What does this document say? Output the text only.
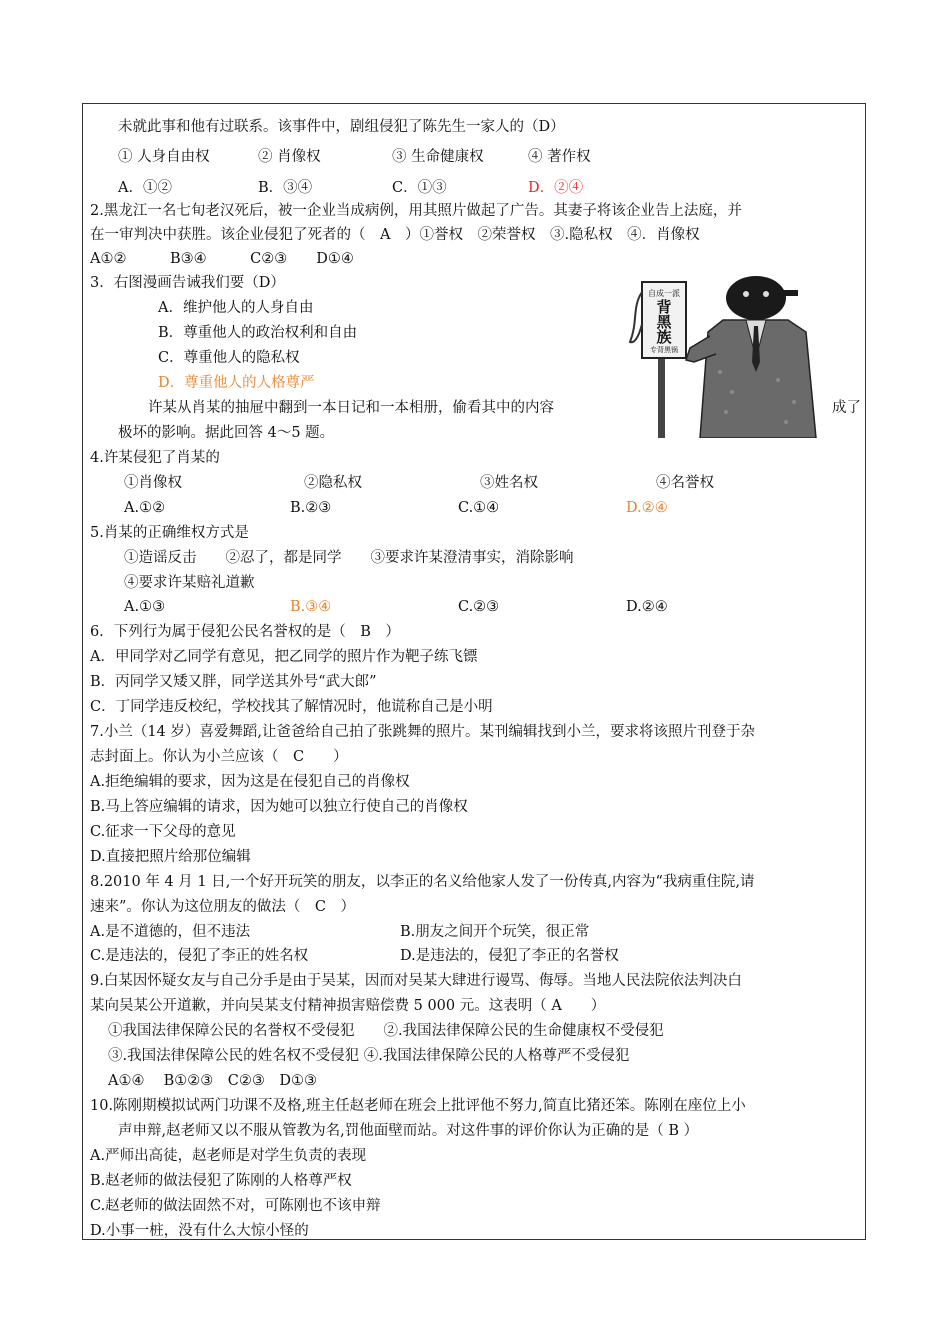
未就此事和他有过联系。该事件中，剧组侵犯了陈先生一家人的（D）
① 人身自由权	② 肖像权	③ 生命健康权	④ 著作权
A．①②	B．③④	C．①③	D．②④
2.黑龙江一名七旬老汉死后，被一企业当成病例，用其照片做起了广告。其妻子将该企业告上法庭，并
在一审判决中获胜。该企业侵犯了死者的（　A　）①誉权　②荣誉权　③.隐私权　④．肖像权
A①②　　　B③④　　　C②③　　D①④
3．右图漫画告诫我们要（D）
A．维护他人的人身自由
B．尊重他人的政治权利和自由
C．尊重他人的隐私权
D．尊重他人的人格尊严
许某从肖某的抽屉中翻到一本日记和一本相册，偷看其中的内容	成了
极坏的影响。据此回答 4～5 题。
自成一派
背
黑
族
专背黑锅
4.许某侵犯了肖某的
①肖像权	②隐私权	③姓名权	④名誉权
A.①②	B.②③	C.①④	D.②④
5.肖某的正确维权方式是
①造谣反击　　②忍了，都是同学　　③要求许某澄清事实，消除影响
④要求许某赔礼道歉
A.①③	B.③④	C.②③	D.②④
6．下列行为属于侵犯公民名誉权的是（　B　）
A．甲同学对乙同学有意见，把乙同学的照片作为靶子练飞镖
B．丙同学又矮又胖，同学送其外号“武大郎”
C．丁同学违反校纪，学校找其了解情况时，他谎称自己是小明
7.小兰（14 岁）喜爱舞蹈,让爸爸给自己拍了张跳舞的照片。某刊编辑找到小兰，要求将该照片刊登于杂
志封面上。你认为小兰应该（　C　　）
A.拒绝编辑的要求，因为这是在侵犯自己的肖像权
B.马上答应编辑的请求，因为她可以独立行使自己的肖像权
C.征求一下父母的意见
D.直接把照片给那位编辑
8.2010 年 4 月 1 日,一个好开玩笑的朋友，以李正的名义给他家人发了一份传真,内容为“我病重住院,请
速来”。你认为这位朋友的做法（　C　）
A.是不道德的，但不违法	B.朋友之间开个玩笑，很正常
C.是违法的，侵犯了李正的姓名权	D.是违法的，侵犯了李正的名誉权
9.白某因怀疑女友与自己分手是由于吴某，因而对吴某大肆进行谩骂、侮辱。当地人民法院依法判决白
某向吴某公开道歉，并向吴某支付精神损害赔偿费 5 000 元。这表明（ A　　）
①我国法律保障公民的名誉权不受侵犯　　②.我国法律保障公民的生命健康权不受侵犯
③.我国法律保障公民的姓名权不受侵犯 ④.我国法律保障公民的人格尊严不受侵犯
A①④　 B①②③　C②③　D①③
10.陈刚期模拟试两门功课不及格,班主任赵老师在班会上批评他不努力,简直比猪还笨。陈刚在座位上小
声申辩,赵老师又以不服从管教为名,罚他面壁而站。对这件事的评价你认为正确的是（ B ）
A.严师出高徒，赵老师是对学生负责的表现
B.赵老师的做法侵犯了陈刚的人格尊严权
C.赵老师的做法固然不对，可陈刚也不该申辩
D.小事一桩，没有什么大惊小怪的
